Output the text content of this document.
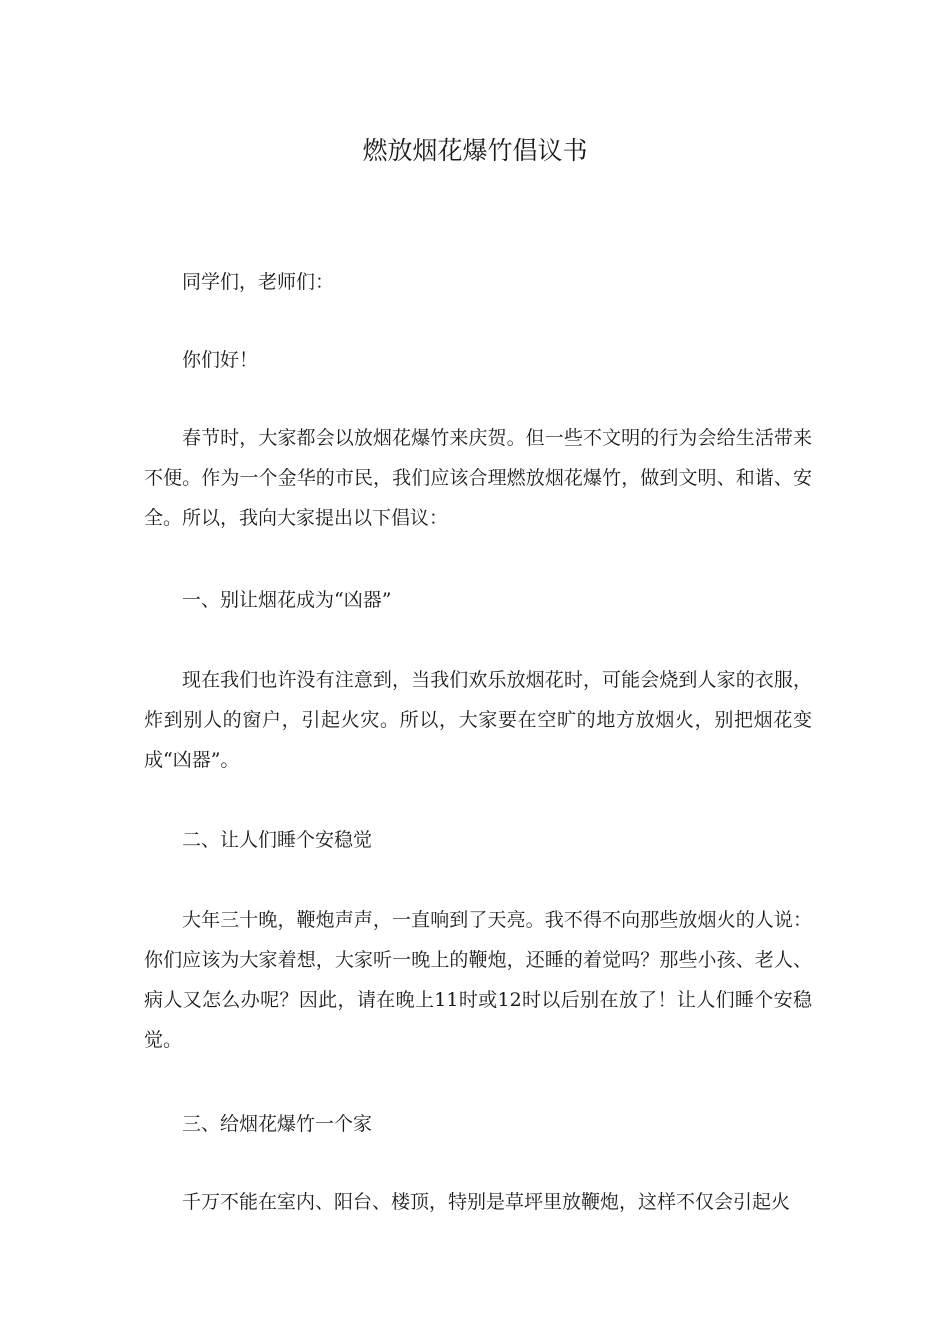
燃放烟花爆竹倡议书

同学们，老师们：

你们好！

春节时，大家都会以放烟花爆竹来庆贺。但一些不文明的行为会给生活带来不便。作为一个金华的市民，我们应该合理燃放烟花爆竹，做到文明、和谐、安全。所以，我向大家提出以下倡议：

一、别让烟花成为“凶器”

现在我们也许没有注意到，当我们欢乐放烟花时，可能会烧到人家的衣服，炸到别人的窗户，引起火灾。所以，大家要在空旷的地方放烟火，别把烟花变成“凶器”。

二、让人们睡个安稳觉

大年三十晚，鞭炮声声，一直响到了天亮。我不得不向那些放烟火的人说：你们应该为大家着想，大家听一晚上的鞭炮，还睡的着觉吗？那些小孩、老人、病人又怎么办呢？因此，请在晚上11时或12时以后别在放了！让人们睡个安稳觉。

三、给烟花爆竹一个家

千万不能在室内、阳台、楼顶，特别是草坪里放鞭炮，这样不仅会引起火
